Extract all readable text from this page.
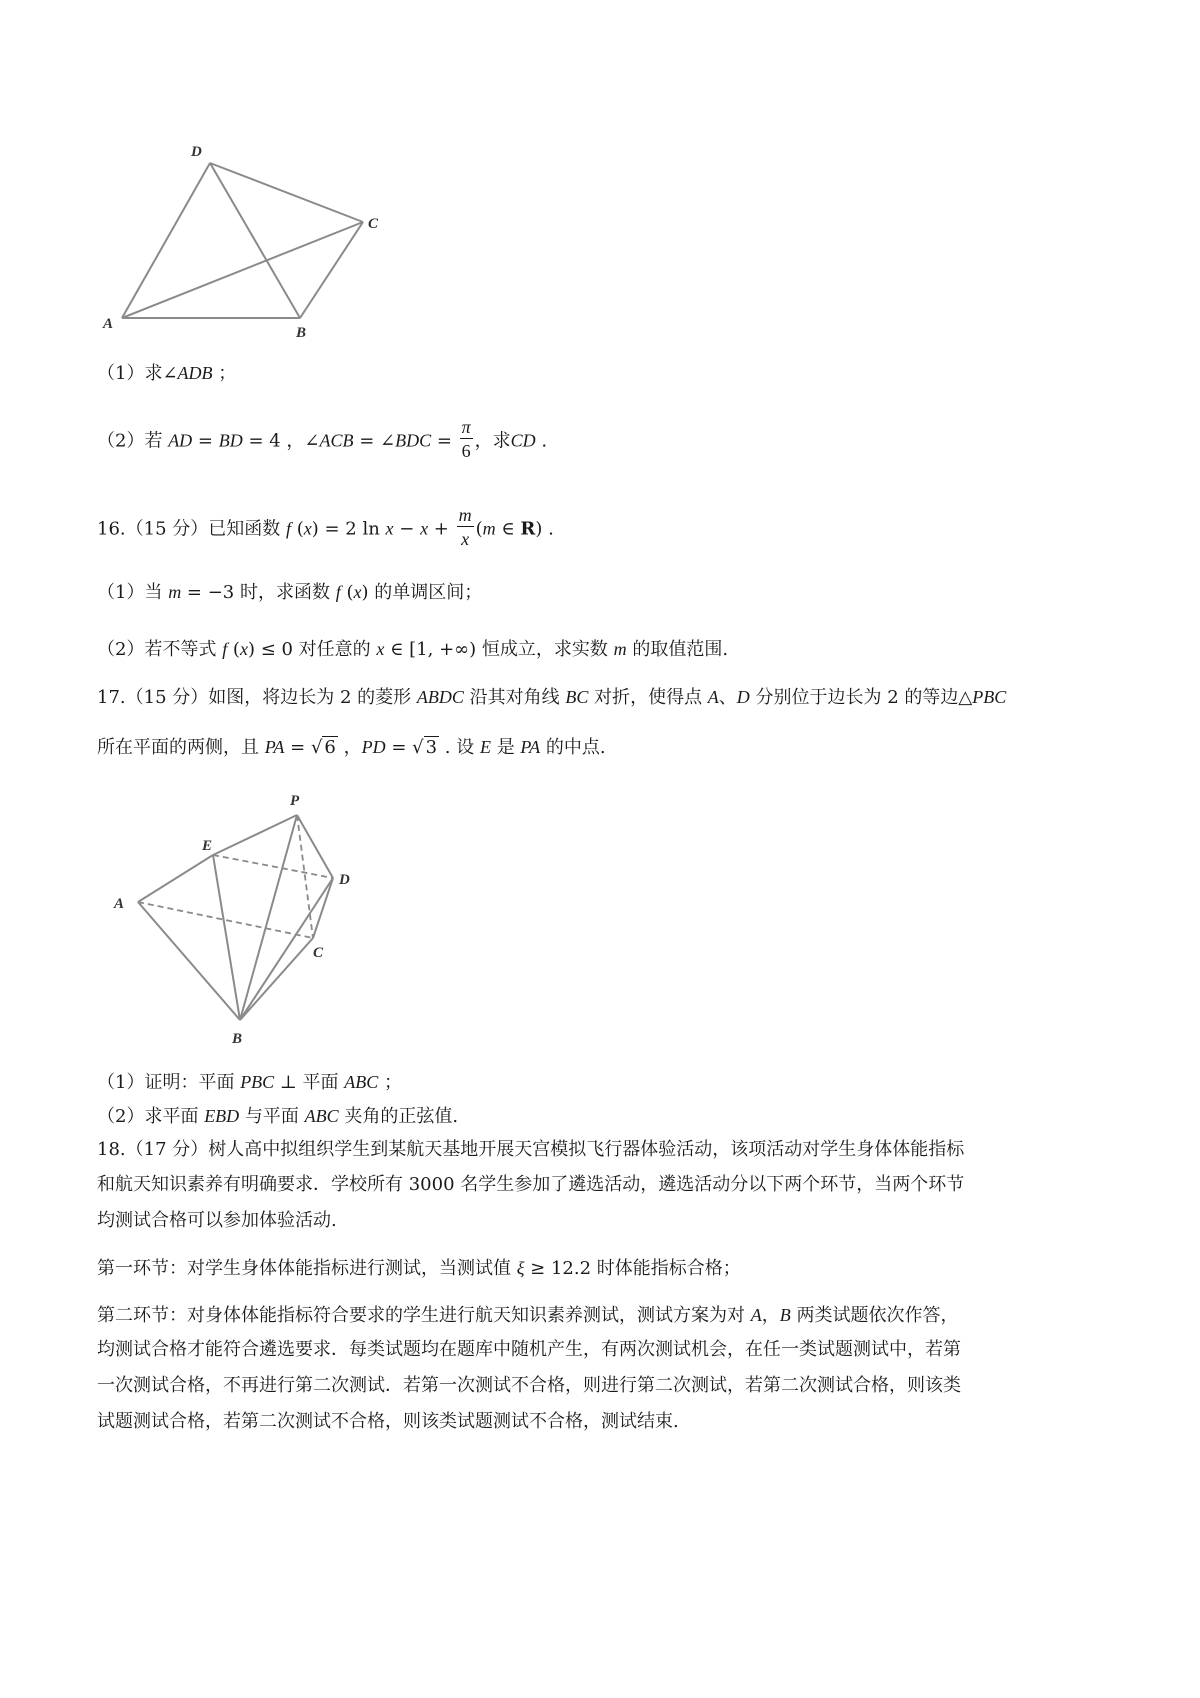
D
C
A
B
（1）求∠ADB ；
（2）若 AD = BD = 4 ，∠ACB = ∠BDC = $\frac{\pi}{6}$ ，求CD .
16.（15 分）已知函数 f (x) = 2 $\ln x - x + \frac{m}{x} (m$ ∈ R) .
（1）当 m = −3 时，求函数 f (x) 的单调区间；
（2）若不等式 f (x) ≤ 0 对任意的 x ∈ [1, +∞) 恒成立，求实数 m 的取值范围.
17.（15 分）如图，将边长为 2 的菱形 ABDC 沿其对角线 BC 对折，使得点 A、D 分别位于边长为 2 的等边△PBC
所在平面的两侧，且 PA = √ 6 ，PD = √ 3 . 设 E 是 PA 的中点.
P
E
A
D
C
B
（1）证明：平面 PBC ⊥ 平面 ABC ；
（2）求平面 EBD 与平面 ABC 夹角的正弦值.
18.（17 分）树人高中拟组织学生到某航天基地开展天宫模拟飞行器体验活动，该项活动对学生身体体能指标
和航天知识素养有明确要求．学校所有 3000 名学生参加了遴选活动，遴选活动分以下两个环节，当两个环节
均测试合格可以参加体验活动.
第一环节：对学生身体体能指标进行测试，当测试值 ξ ≥ 12.2 时体能指标合格；
第二环节：对身体体能指标符合要求的学生进行航天知识素养测试，测试方案为对 A，B 两类试题依次作答，
均测试合格才能符合遴选要求．每类试题均在题库中随机产生，有两次测试机会，在任一类试题测试中，若第
一次测试合格，不再进行第二次测试．若第一次测试不合格，则进行第二次测试，若第二次测试合格，则该类
试题测试合格，若第二次测试不合格，则该类试题测试不合格，测试结束.
